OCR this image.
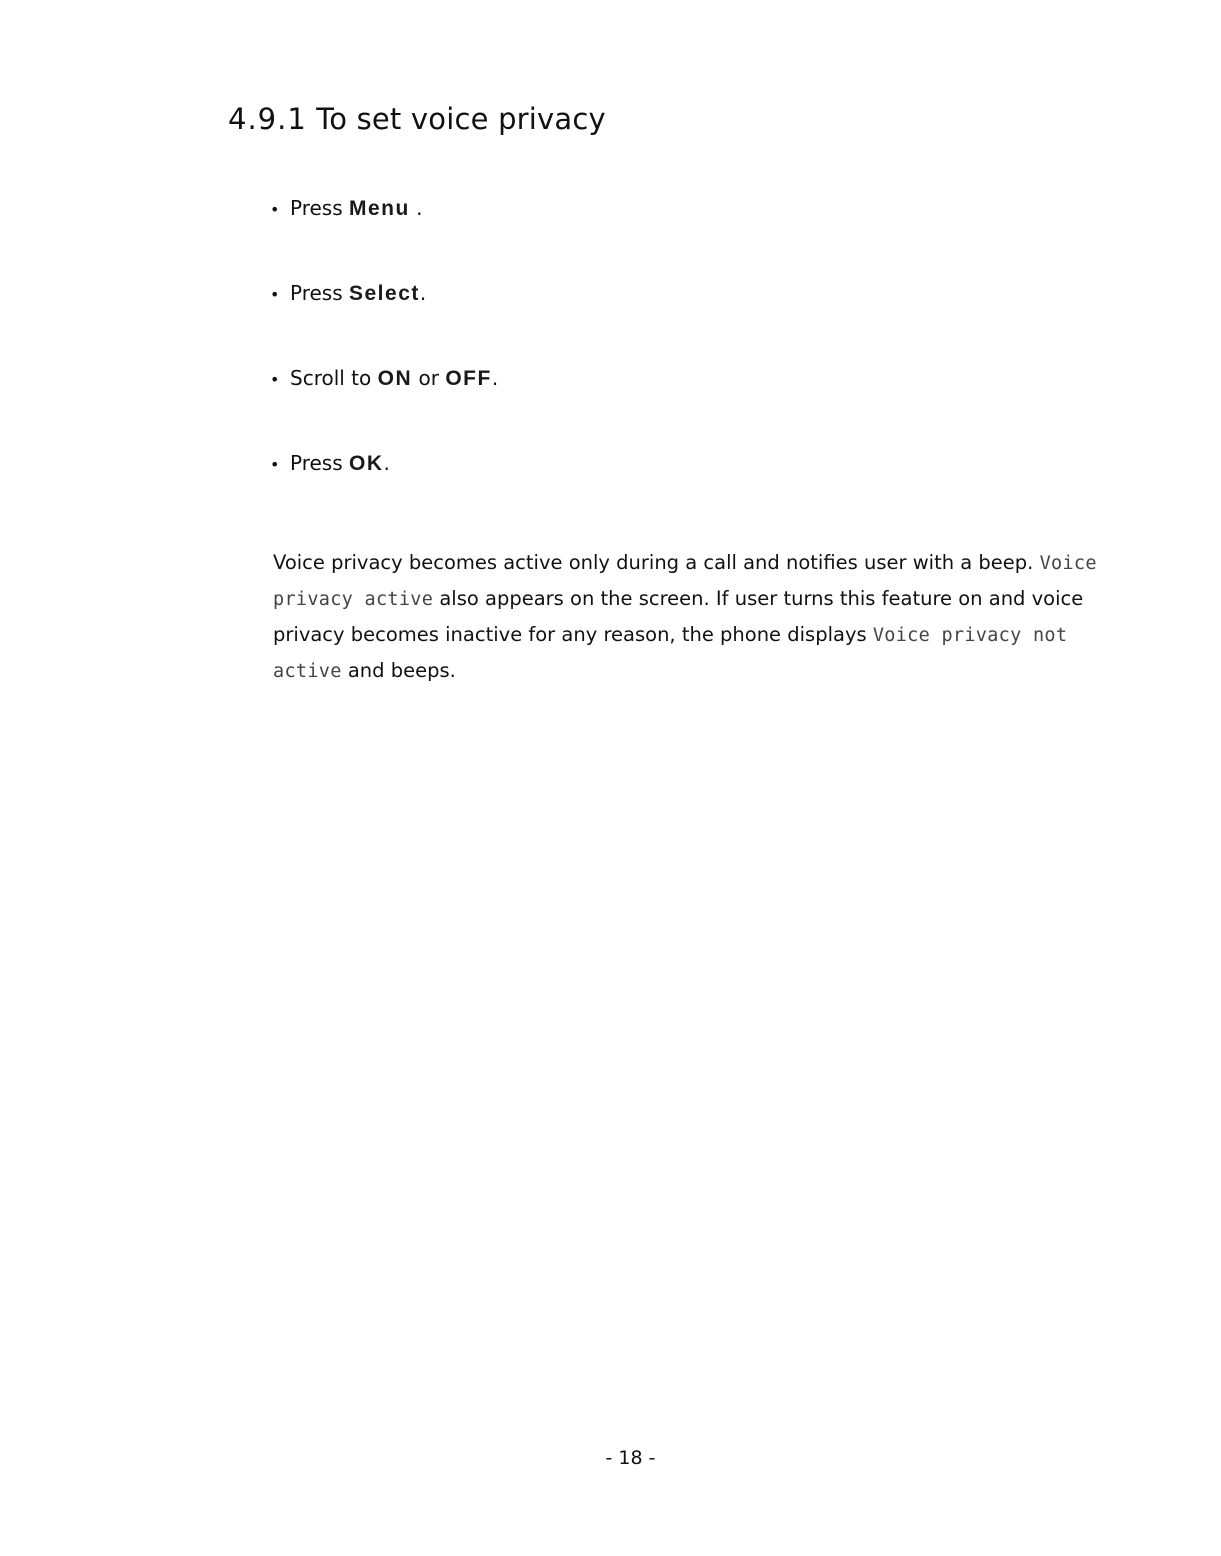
4.9.1 To set voice privacy
• Press Menu .
• Press Select.
• Scroll to ON or OFF.
• Press OK.

Voice privacy becomes active only during a call and notifies user with a beep. Voice privacy active also appears on the screen. If user turns this feature on and voice privacy becomes inactive for any reason, the phone displays Voice privacy not active and beeps.

- 18 -
